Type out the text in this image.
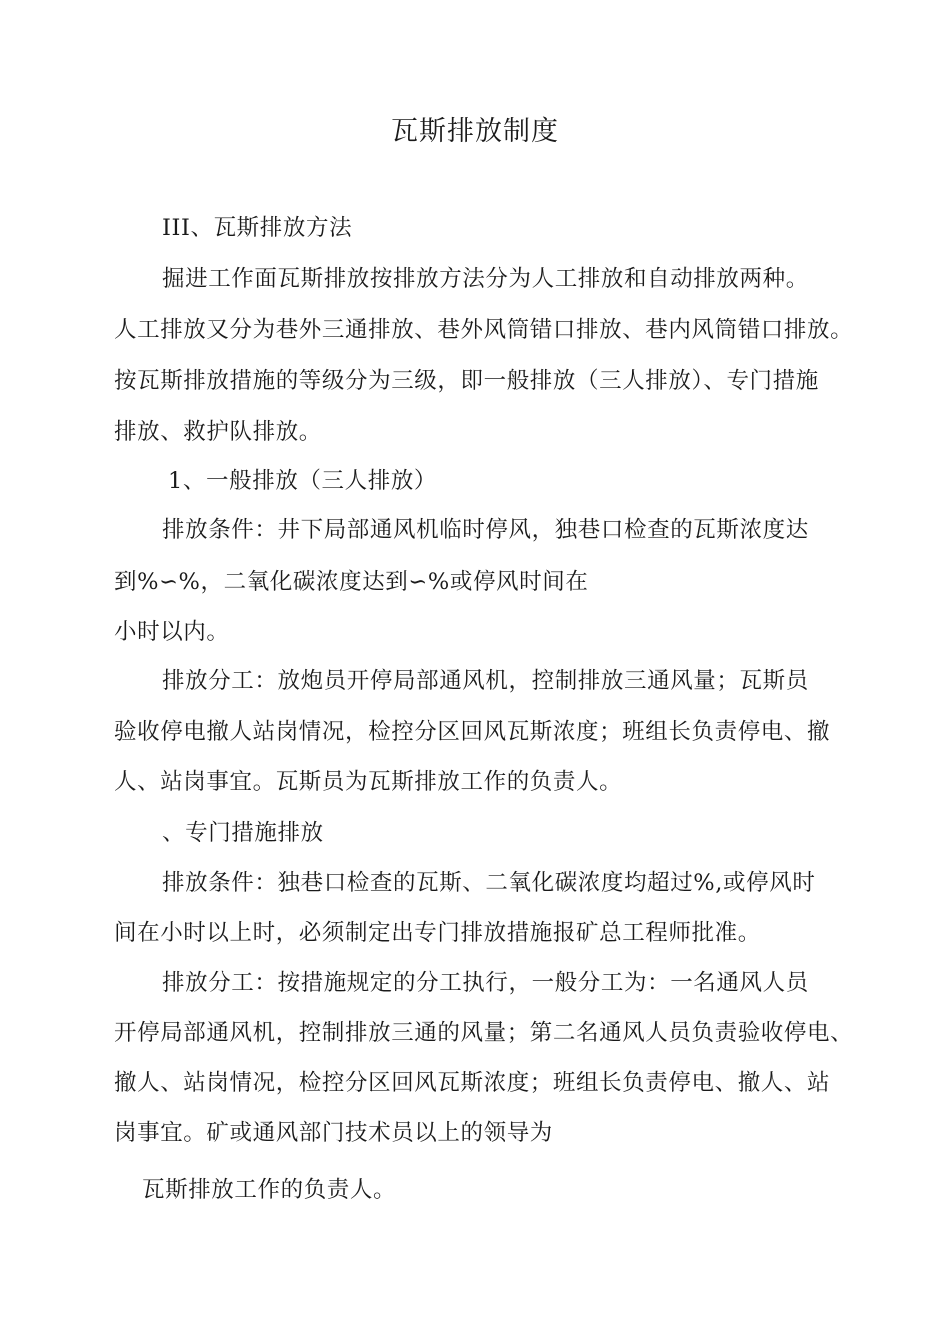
瓦斯排放制度
III、瓦斯排放方法
掘进工作面瓦斯排放按排放方法分为人工排放和自动排放两种。
人工排放又分为巷外三通排放、巷外风筒错口排放、巷内风筒错口排放。
按瓦斯排放措施的等级分为三级，即一般排放（三人排放）、专门措施
排放、救护队排放。
1、一般排放（三人排放）
排放条件：井下局部通风机临时停风，独巷口检查的瓦斯浓度达
到%∽%，二氧化碳浓度达到∽%或停风时间在
小时以内。
排放分工：放炮员开停局部通风机，控制排放三通风量；瓦斯员
验收停电撤人站岗情况，检控分区回风瓦斯浓度；班组长负责停电、撤
人、站岗事宜。瓦斯员为瓦斯排放工作的负责人。
、专门措施排放
排放条件：独巷口检查的瓦斯、二氧化碳浓度均超过%,或停风时
间在小时以上时，必须制定出专门排放措施报矿总工程师批准。
排放分工：按措施规定的分工执行，一般分工为：一名通风人员
开停局部通风机，控制排放三通的风量；第二名通风人员负责验收停电、
撤人、站岗情况，检控分区回风瓦斯浓度；班组长负责停电、撤人、站
岗事宜。矿或通风部门技术员以上的领导为
瓦斯排放工作的负责人。
